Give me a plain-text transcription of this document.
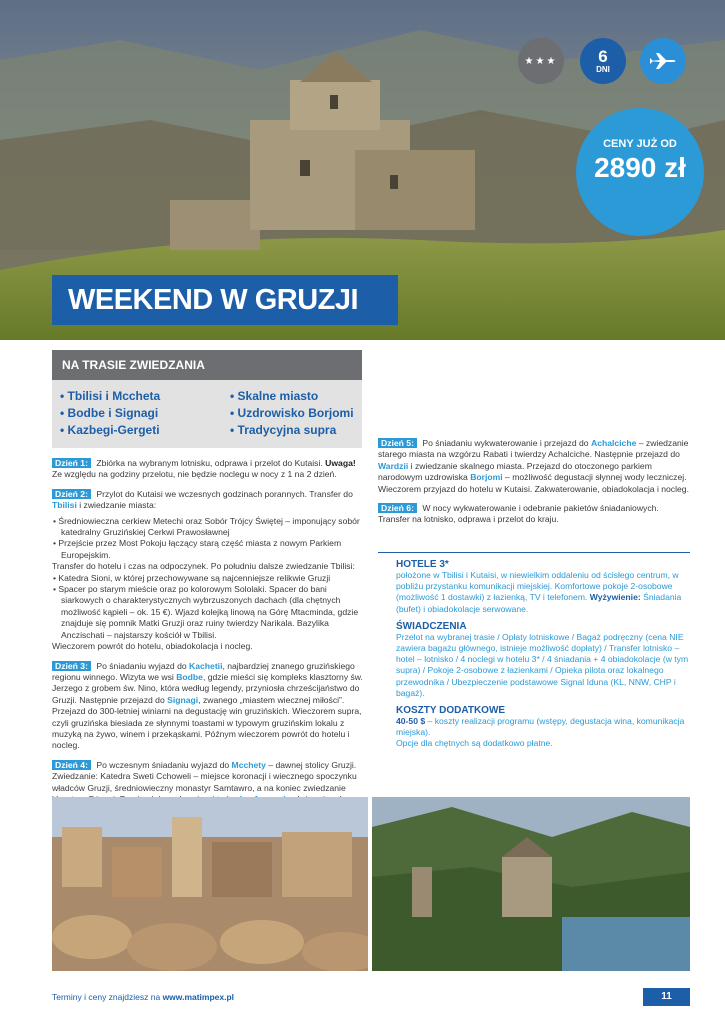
★★★ 6
DNI
CENY JUŻ OD
2890 zł
WEEKEND W GRUZJI
NA TRASIE ZWIEDZANIA
• Tbilisi i Mccheta
• Bodbe i Signagi
• Kazbegi-Gergeti
• Skalne miasto
• Uzdrowisko Borjomi
• Tradycyjna supra

Dzień 1: Zbiórka na wybranym lotnisku, odprawa i przelot do Kutaisi. Uwaga! Ze względu na godziny przelotu, nie będzie noclegu w nocy z 1 na 2 dzień.

Dzień 2: Przylot do Kutaisi we wczesnych godzinach porannych. Transfer do Tbilisi i zwiedzanie miasta:

• Średniowieczna cerkiew Metechi oraz Sobór Trójcy Świętej – imponujący sobór katedralny Gruzińskiej Cerkwi Prawosławnej
• Przejście przez Most Pokoju łączący starą część miasta z nowym Parkiem Europejskim.
Transfer do hotelu i czas na odpoczynek. Po południu dalsze zwiedzanie Tbilisi:
• Katedra Sioni, w której przechowywane są najcenniejsze relikwie Gruzji
• Spacer po starym mieście oraz po kolorowym Sololaki. Spacer do bani siarkowych o charakterystycznych wybrzuszonych dachach (dla chętnych możliwość kąpieli – ok. 15 €). Wjazd kolejką linową na Górę Mtacminda, gdzie znajduje się pomnik Matki Gruzji oraz ruiny twierdzy Narikala. Bazylika Anczischati – najstarszy kościół w Tbilisi.

Wieczorem powrót do hotelu, obiadokolacja i nocleg.

Dzień 3: Po śniadaniu wyjazd do Kachetii, najbardziej znanego gruzińskiego regionu winnego. Wizyta we wsi Bodbe, gdzie mieści się kompleks klasztorny św. Jerzego z grobem św. Nino, która według legendy, przyniosła chrześcijaństwo do Gruzji. Następnie przejazd do Signagi, zwanego „miastem wiecznej miłości”. Przejazd do 300-letniej winiarni na degustację win gruzińskich. Wieczorem supra, czyli gruzińska biesiada ze słynnymi toastami w typowym gruzińskim lokalu z muzyką na żywo, winem i przekąskami. Późnym wieczorem powrót do hotelu i nocleg.

Dzień 4: Po wczesnym śniadaniu wyjazd do Mcchety – dawnej stolicy Gruzji. Zwiedzanie: Katedra Sweti Cchoweli – miejsce koronacji i wiecznego spoczynku władców Gruzji, średniowieczny monastyr Samtawro, a na koniec zwiedzanie

Dzień 5: Po śniadaniu wykwaterowanie i przejazd do Achalciche – zwiedzanie starego miasta na wzgórzu Rabati i twierdzy Achalciche. Następnie przejazd do Wardzii i zwiedzanie skalnego miasta. Przejazd do otoczonego parkiem narodowym uzdrowiska Borjomi – możliwość degustacji słynnej wody leczniczej. Wieczorem przyjazd do hotelu w Kutaisi. Zakwaterowanie, obiadokolacja i nocleg.

Dzień 6: W nocy wykwaterowanie i odebranie pakietów śniadaniowych. Transfer na lotnisko, odprawa i przelot do kraju.

HOTELE 3*
położone w Tbilisi i Kutaisi, w niewielkim oddaleniu od ścisłego centrum, w pobliżu przystanku komunikacji miejskiej. Komfortowe pokoje 2-osobowe (możliwość 1 dostawki) z łazienką, TV i telefonem. Wyżywienie: Śniadania (bufet) i obiadokolacje serwowane.
ŚWIADCZENIA
Przelot na wybranej trasie / Opłaty lotniskowe / Bagaż podręczny (cena NIE zawiera bagażu głównego, istnieje możliwość dopłaty) / Transfer lotnisko – hotel – lotnisko / 4 noclegi w hotelu 3* / 4 śniadania + 4 obiadokolacje (w tym supra) / Pokoje 2-osobowe z łazienkami / Opieka pilota oraz lokalnego przewodnika / Ubezpieczenie podstawowe Signal Iduna (KL, NNW, CHP i bagaż).
KOSZTY DODATKOWE
40-50 $ – koszty realizacji programu (wstępy, degustacja wina, komunikacja miejska).
Opcje dla chętnych są dodatkowo płatne.
Terminy i ceny znajdziesz na www.matimpex.pl	11
